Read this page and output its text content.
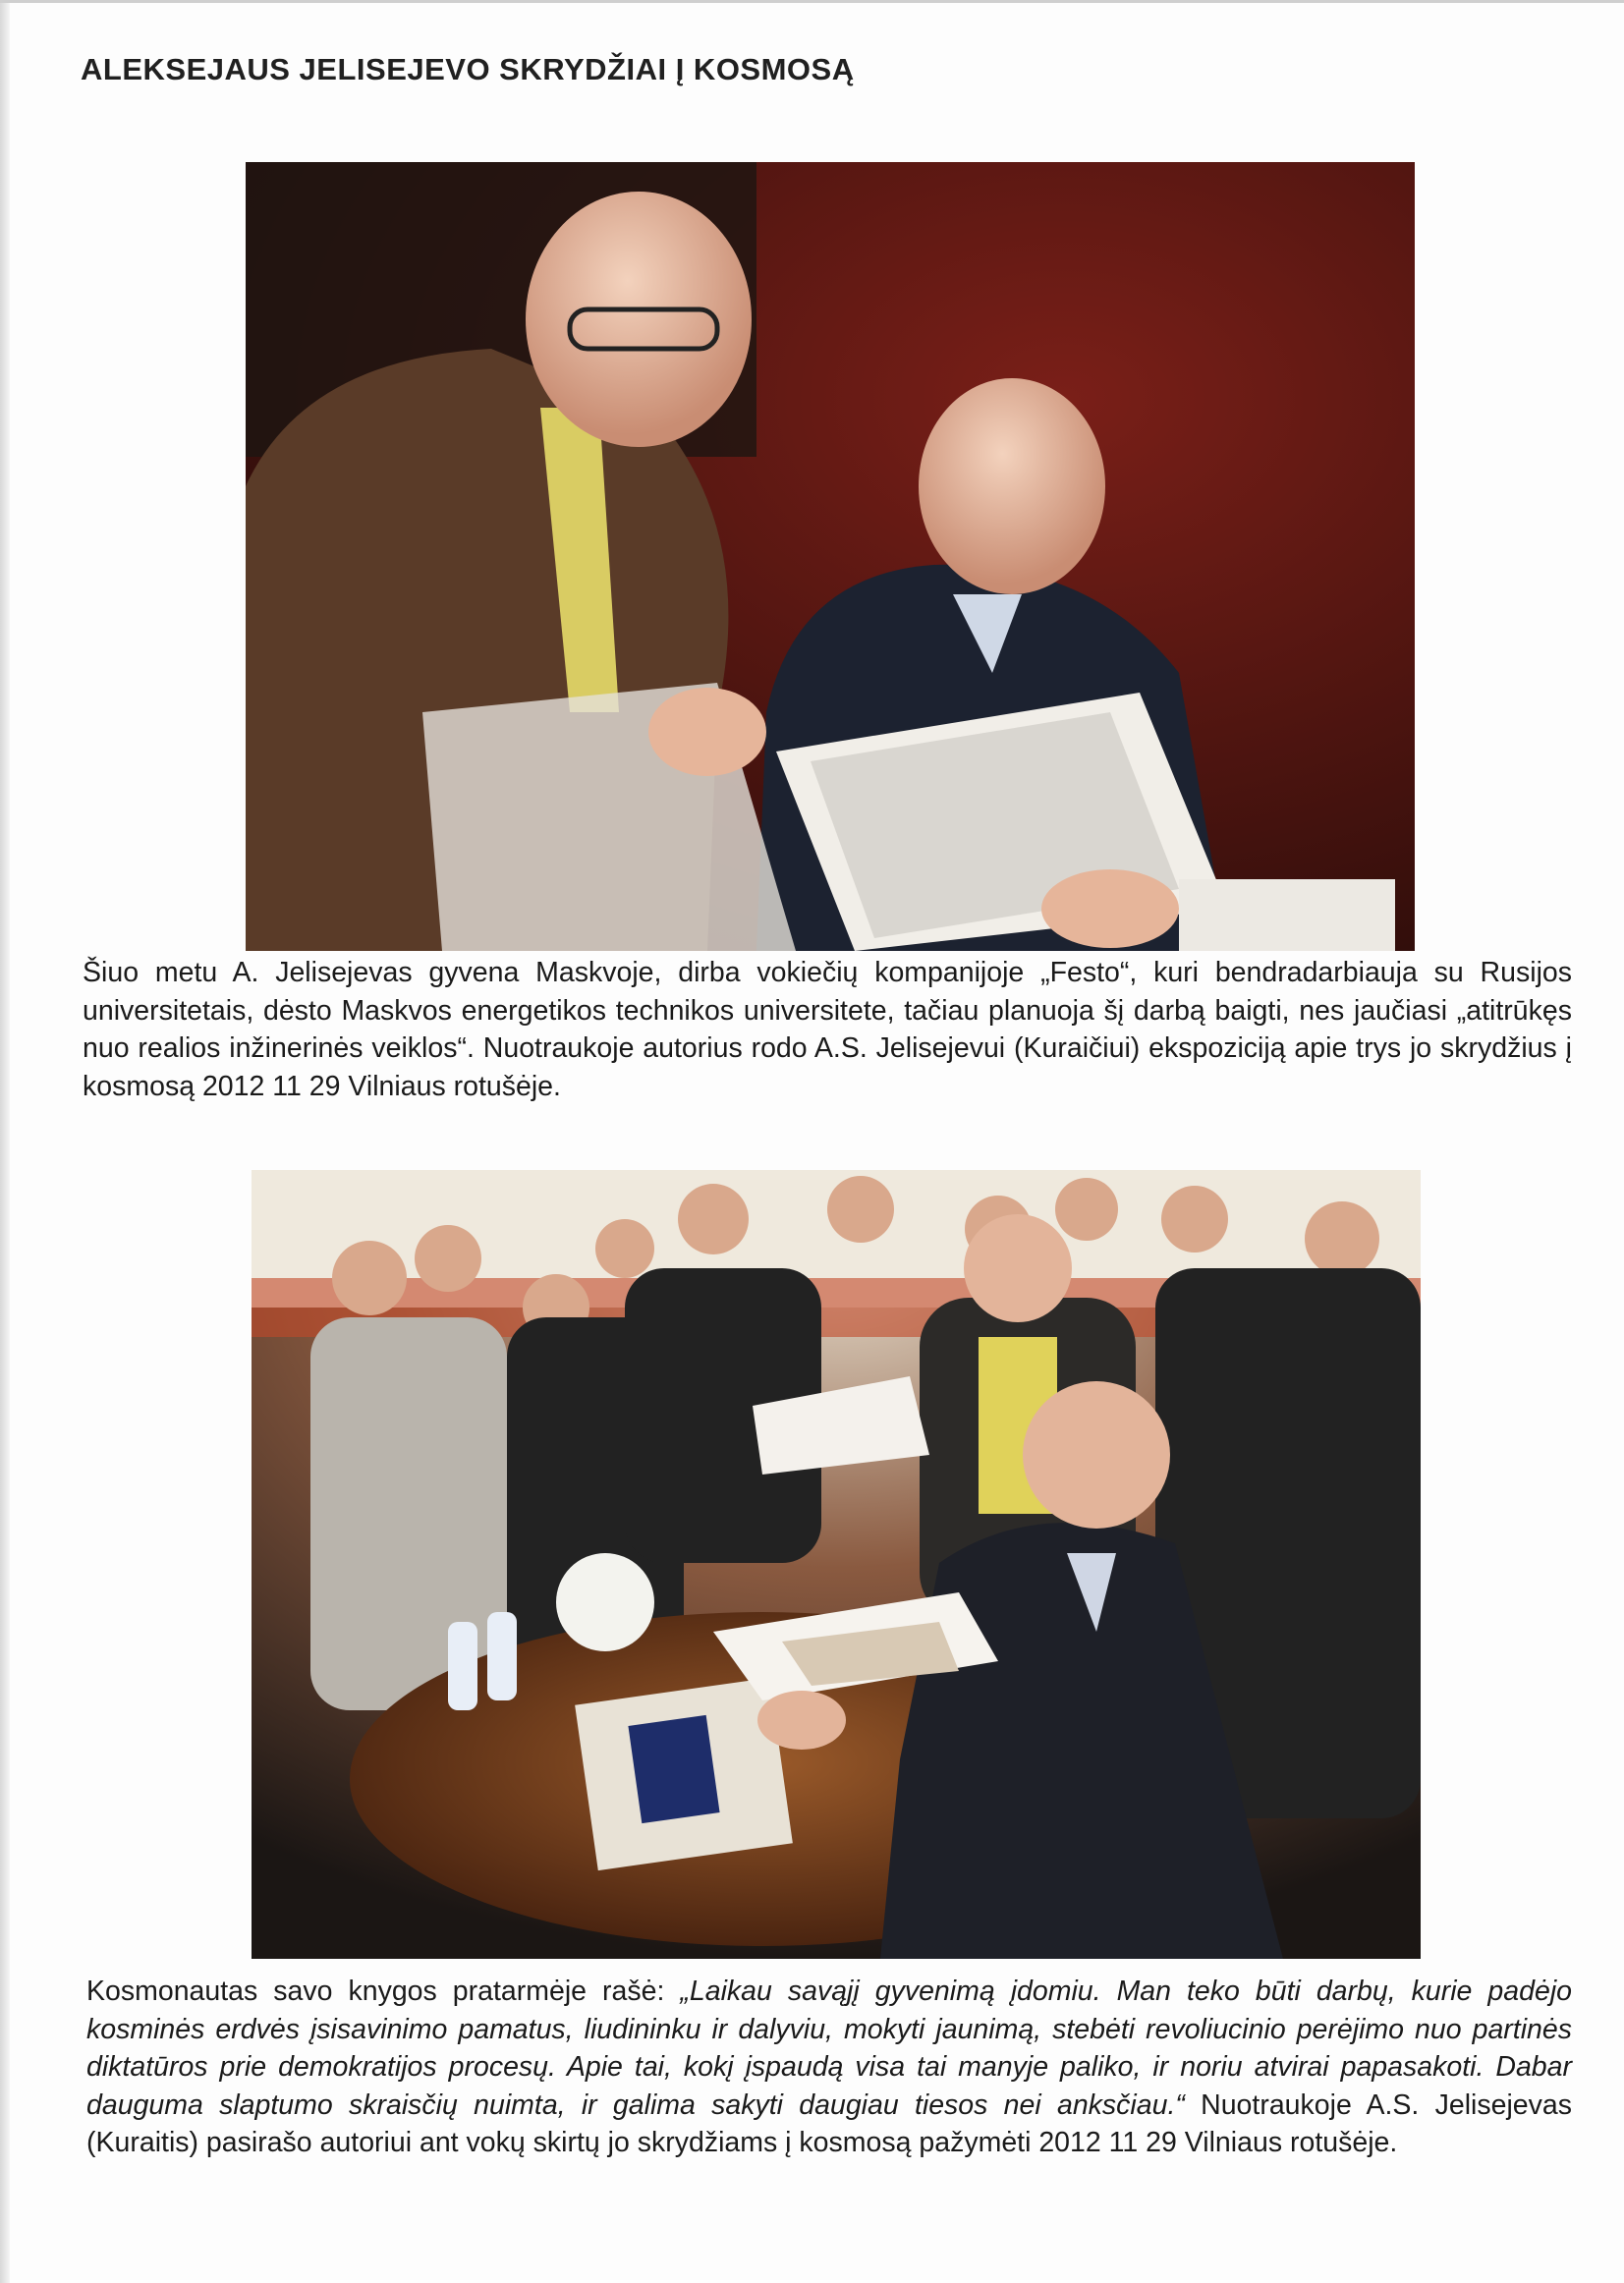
ALEKSEJAUS JELISEJEVO SKRYDŽIAI Į KOSMOSĄ
Šiuo metu A. Jelisejevas gyvena Maskvoje, dirba vokiečių kompanijoje „Festo“, kuri bendradarbiauja su Rusijos universitetais, dėsto Maskvos energetikos technikos universitete, tačiau planuoja šį darbą baigti, nes jaučiasi „atitrūkęs nuo realios inžinerinės veiklos“. Nuotraukoje autorius rodo A.S. Jelisejevui (Kuraičiui) ekspoziciją apie trys jo skrydžius į kosmosą 2012 11 29 Vilniaus rotušėje.
Kosmonautas savo knygos pratarmėje rašė: „Laikau savąjį gyvenimą įdomiu. Man teko būti darbų, kurie padėjo kosminės erdvės įsisavinimo pamatus, liudininku ir dalyviu, mokyti jaunimą, stebėti revoliucinio perėjimo nuo partinės diktatūros prie demokratijos procesų. Apie tai, kokį įspaudą visa tai manyje paliko, ir noriu atvirai papasakoti. Dabar dauguma slaptumo skraisčių nuimta, ir galima sakyti daugiau tiesos nei anksčiau.“ Nuotraukoje A.S. Jelisejevas (Kuraitis) pasirašo autoriui ant vokų skirtų jo skrydžiams į kosmosą pažymėti 2012 11 29 Vilniaus rotušėje.
